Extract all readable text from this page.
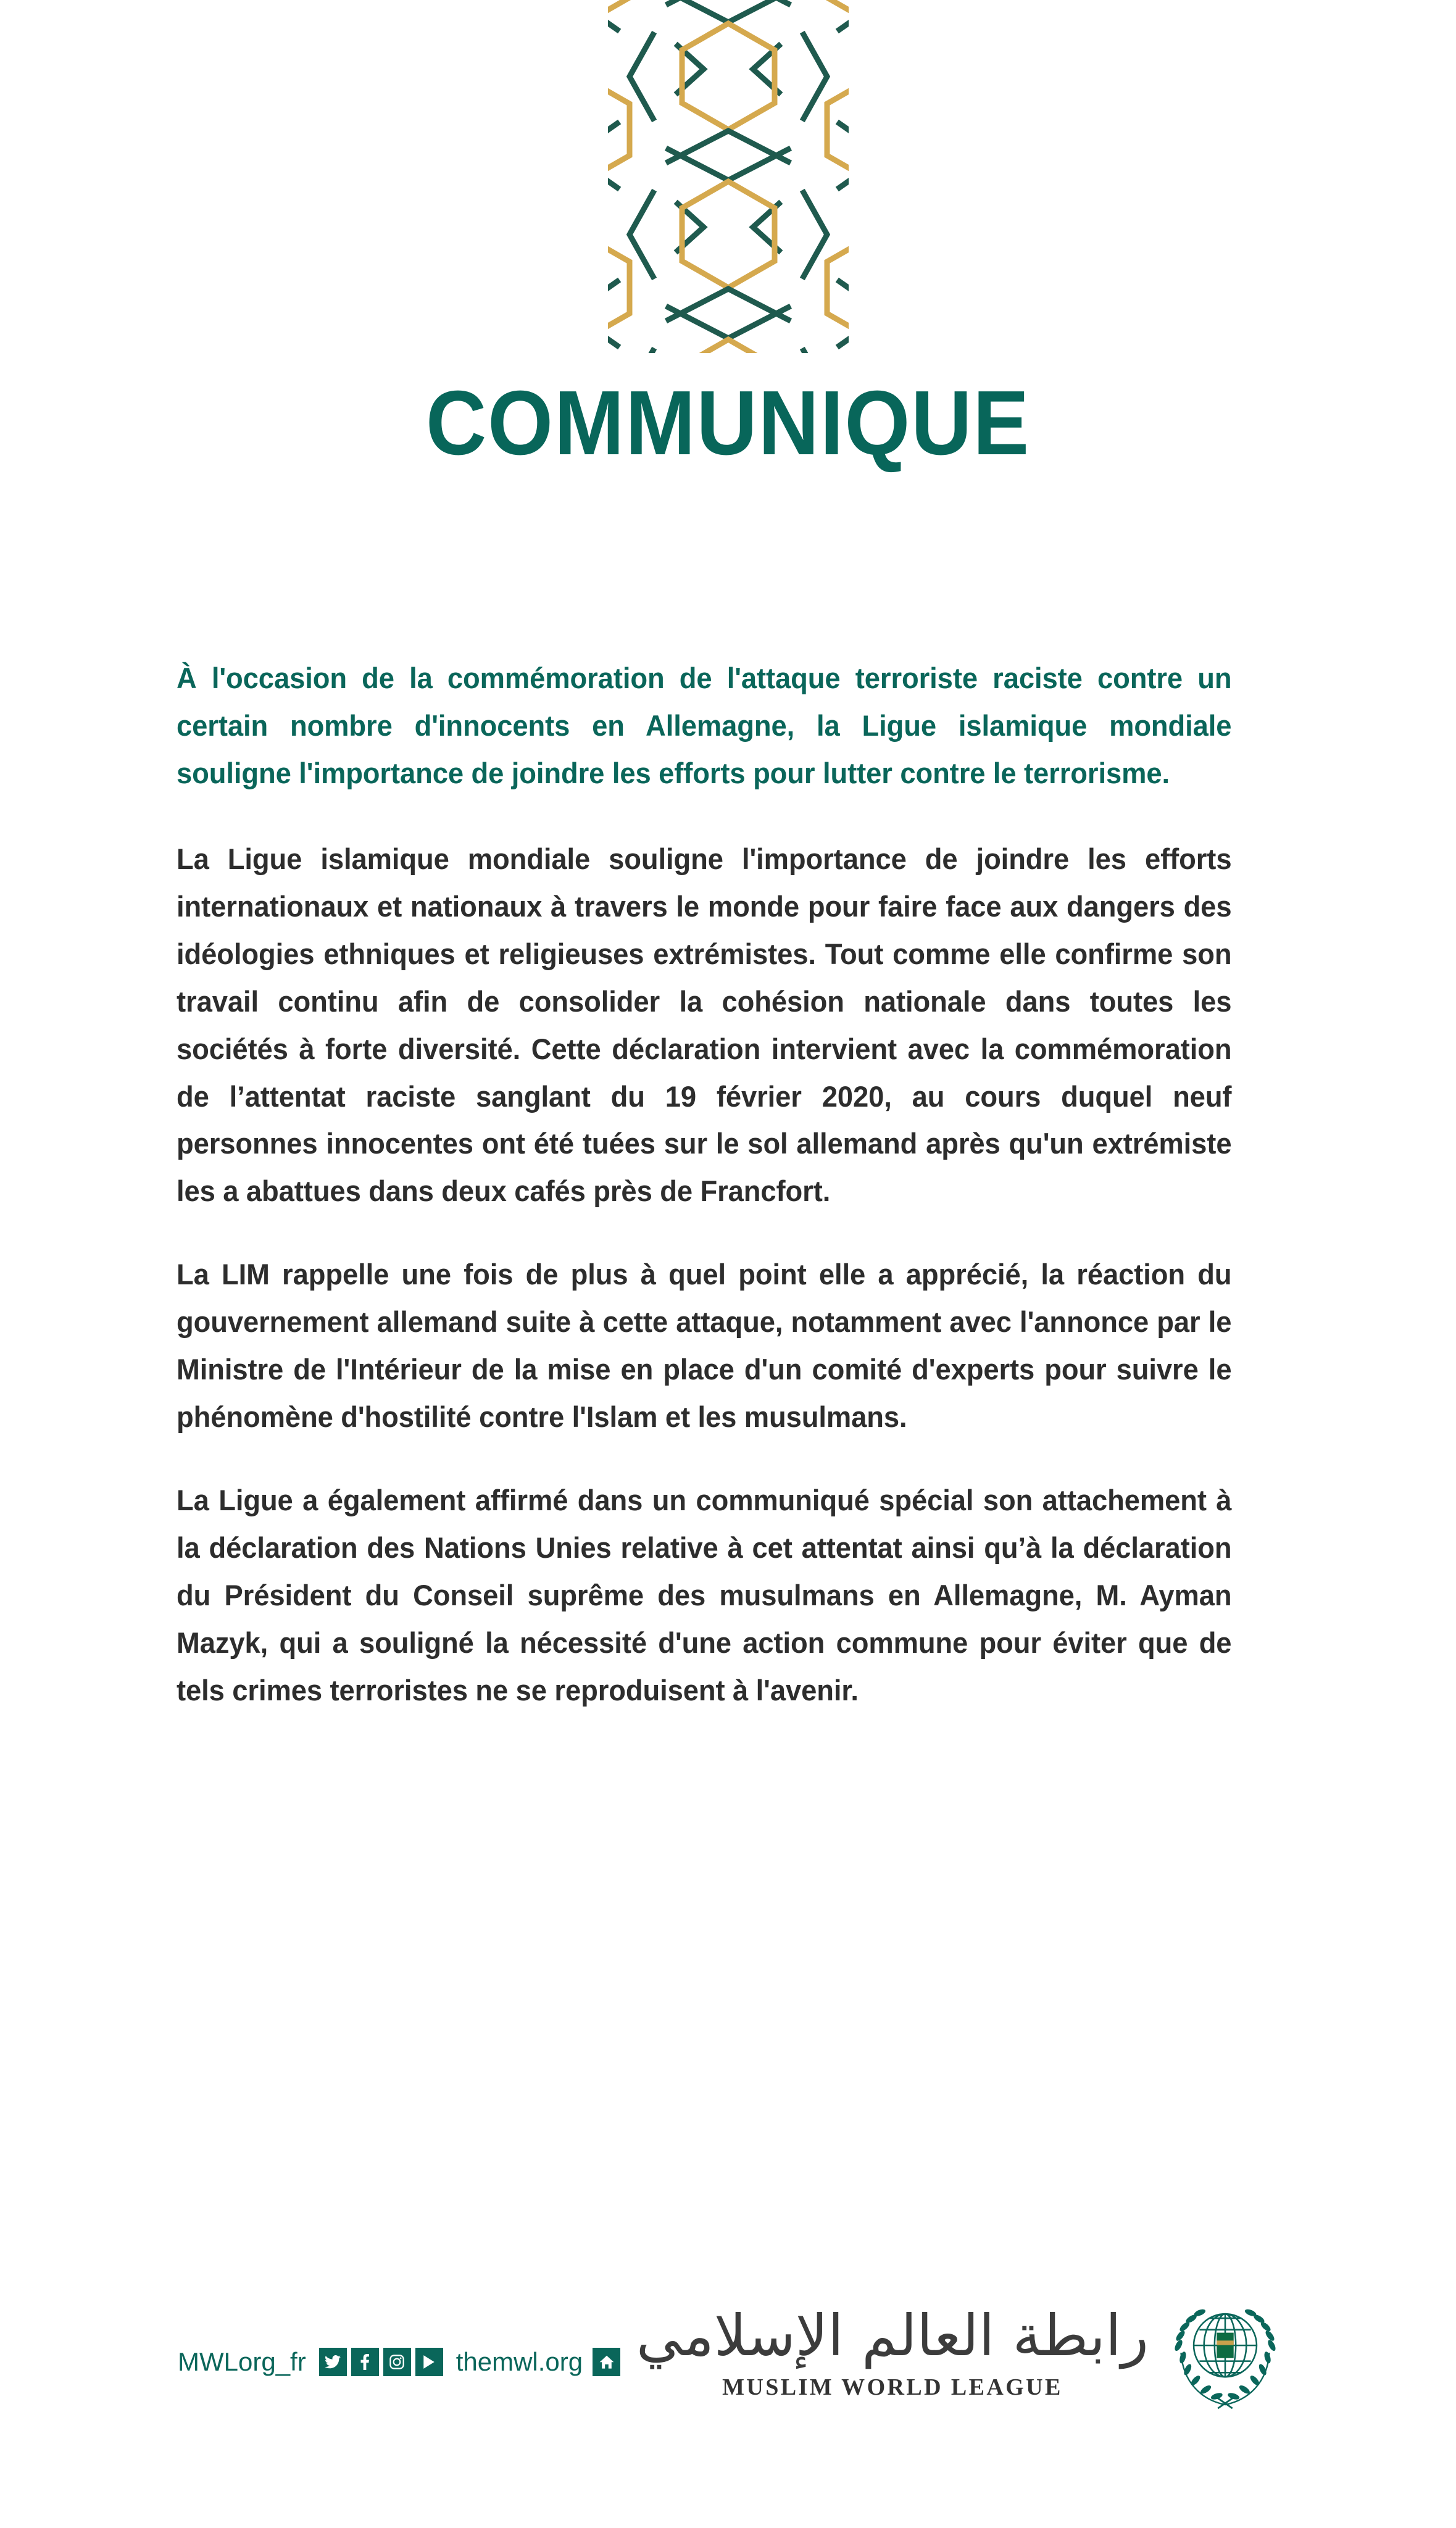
COMMUNIQUE

À l'occasion de la commémoration de l'attaque terroriste raciste contre un certain nombre d'innocents en Allemagne, la Ligue islamique mondiale souligne l'importance de joindre les efforts pour lutter contre le terrorisme.

La Ligue islamique mondiale souligne l'importance de joindre les efforts internationaux et nationaux à travers le monde pour faire face aux dangers des idéologies ethniques et religieuses extrémistes. Tout comme elle confirme son travail continu afin de consolider la cohésion nationale dans toutes les sociétés à forte diversité. Cette déclaration intervient avec la commémoration de l’attentat raciste sanglant du 19 février 2020, au cours duquel neuf personnes innocentes ont été tuées sur le sol allemand après qu'un extrémiste les a abattues dans deux cafés près de Francfort.

La LIM rappelle une fois de plus à quel point elle a apprécié, la réaction du gouvernement allemand suite à cette attaque, notamment avec l'annonce par le Ministre de l'Intérieur de la mise en place d'un comité d'experts pour suivre le phénomène d'hostilité contre l'Islam et les musulmans.

La Ligue a également affirmé dans un communiqué spécial son attachement à la déclaration des Nations Unies relative à cet attentat ainsi qu’à la déclaration du Président du Conseil suprême des musulmans en Allemagne, M. Ayman Mazyk, qui a souligné la nécessité d'une action commune pour éviter que de tels crimes terroristes ne se reproduisent à l'avenir.

MWLorg_fr	themwl.org رابطة العالم الإسلامي
MUSLIM WORLD LEAGUE
